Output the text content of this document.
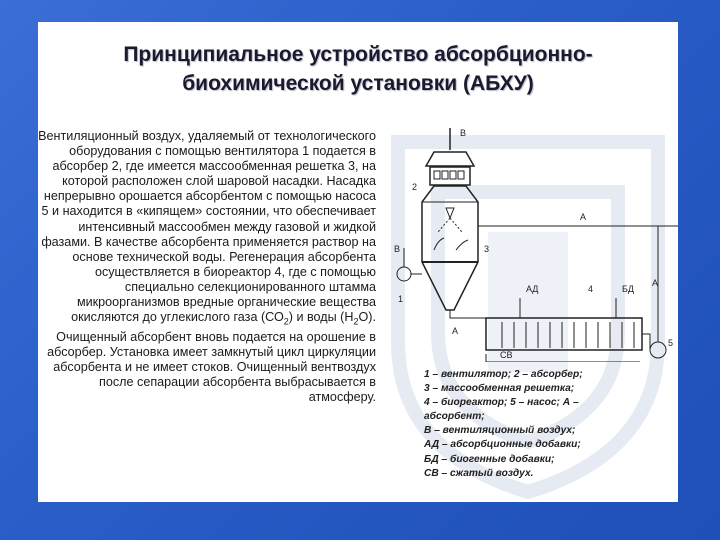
Принципиальное устройство абсорбционно-
биохимической установки (АБХУ)
Вентиляционный воздух, удаляемый от технологического оборудования с помощью вентилятора 1 подается в абсорбер 2, где имеется массообменная решетка 3, на которой расположен слой шаровой насадки. Насадка непрерывно орошается абсорбентом с помощью насоса 5 и находится в «кипящем» состоянии, что обеспечивает интенсивный массообмен между газовой и жидкой фазами. В качестве абсорбента применяется раствор на основе технической воды. Регенерация абсорбента осуществляется в биореактор 4, где с помощью специально селекционированного штамма микроорганизмов вредные органические вещества окисляются до углекислого газа $(СО_2)$ и воды $(Н_2О)$. Очищенный абсорбент вновь подается на орошение в абсорбер. Установка имеет замкнутый цикл циркуляции абсорбента и не имеет стоков. Очищенный вентвоздух после сепарации абсорбента выбрасывается в атмосферу.
В
2
А
3
В
АД	4	БД
А
1
А
СВ
5
1 – вентилятор; 2 – абсорбер;
3 – массообменная решетка;
4 – биореактор; 5 – насос; А –
абсорбент;
В – вентиляционный воздух;
АД – абсорбционные добавки;
БД – биогенные добавки;
СВ – сжатый воздух.
